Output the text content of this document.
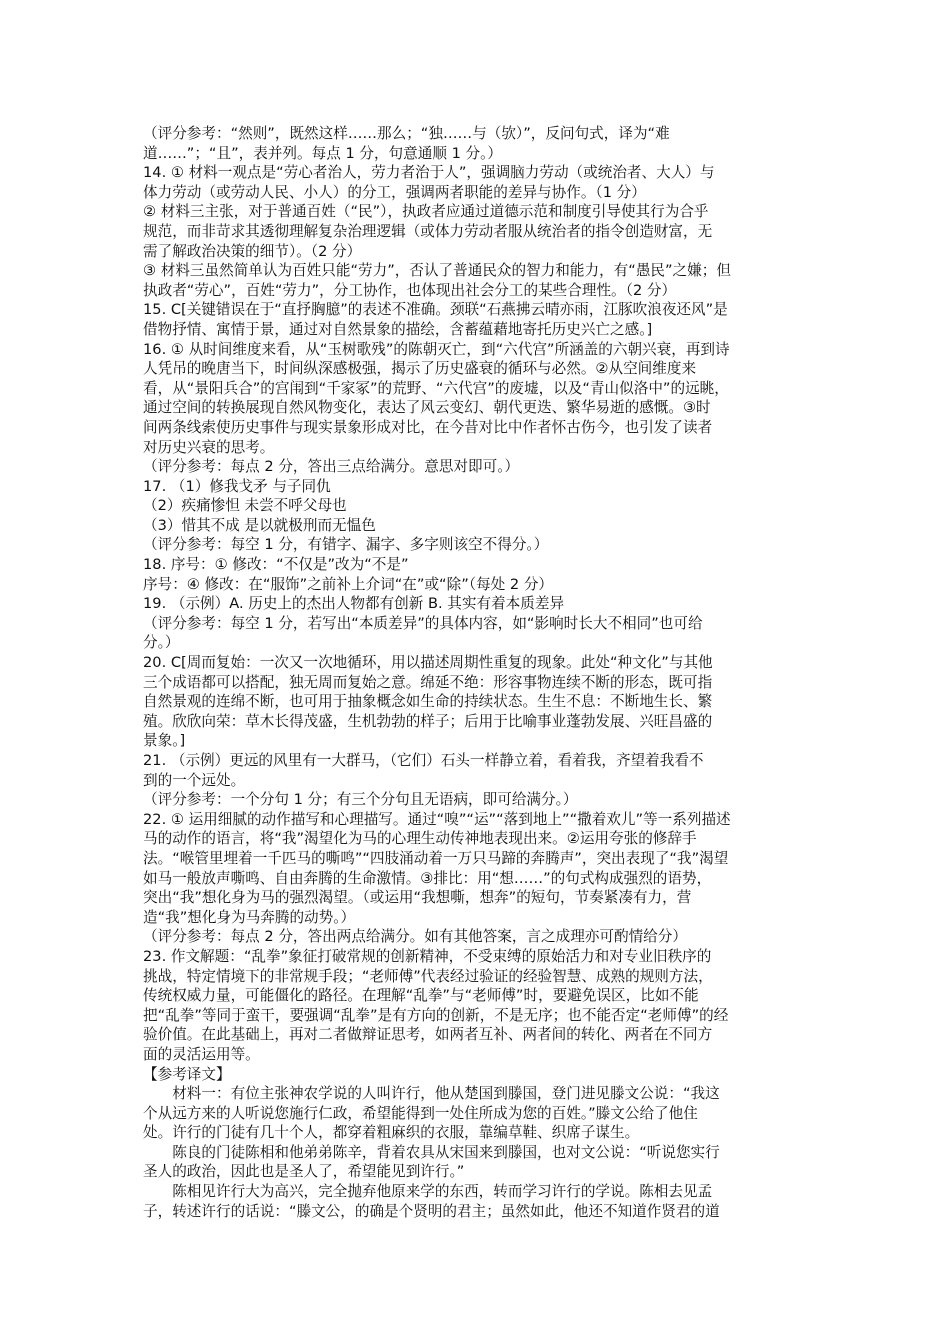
（评分参考：“然则”，既然这样……那么；“独……与（欤）”，反问句式，译为“难
道……”；“且”，表并列。每点 1 分，句意通顺 1 分。）
14. ① 材料一观点是“劳心者治人，劳力者治于人”，强调脑力劳动（或统治者、大人）与
体力劳动（或劳动人民、小人）的分工，强调两者职能的差异与协作。（1 分）
② 材料三主张，对于普通百姓（“民”），执政者应通过道德示范和制度引导使其行为合乎
规范，而非苛求其透彻理解复杂治理逻辑（或体力劳动者服从统治者的指令创造财富，无
需了解政治决策的细节）。（2 分）
③ 材料三虽然简单认为百姓只能“劳力”，否认了普通民众的智力和能力，有“愚民”之嫌；但
执政者“劳心”，百姓“劳力”，分工协作，也体现出社会分工的某些合理性。（2 分）
15. C[关键错误在于“直抒胸臆”的表述不准确。颈联“石燕拂云晴亦雨，江豚吹浪夜还风”是
借物抒情、寓情于景，通过对自然景象的描绘，含蓄蕴藉地寄托历史兴亡之感。]
16. ① 从时间维度来看，从“玉树歌残”的陈朝灭亡，到“六代宫”所涵盖的六朝兴衰，再到诗
人凭吊的晚唐当下，时间纵深感极强，揭示了历史盛衰的循环与必然。②从空间维度来
看，从“景阳兵合”的宫闱到“千家冢”的荒野、“六代宫”的废墟，以及“青山似洛中”的远眺，
通过空间的转换展现自然风物变化，表达了风云变幻、朝代更迭、繁华易逝的感慨。③时
间两条线索使历史事件与现实景象形成对比，在今昔对比中作者怀古伤今，也引发了读者
对历史兴衰的思考。
（评分参考：每点 2 分，答出三点给满分。意思对即可。）
17. （1）修我戈矛 与子同仇
（2）疾痛惨怛 未尝不呼父母也
（3）惜其不成 是以就极刑而无愠色
（评分参考：每空 1 分，有错字、漏字、多字则该空不得分。）
18. 序号：① 修改：“不仅是”改为“不是”
序号：④ 修改：在“服饰”之前补上介词“在”或“除”（每处 2 分）
19. （示例）A. 历史上的杰出人物都有创新 B. 其实有着本质差异
（评分参考：每空 1 分，若写出“本质差异”的具体内容，如“影响时长大不相同”也可给
分。）
20. C[周而复始：一次又一次地循环，用以描述周期性重复的现象。此处“种文化”与其他
三个成语都可以搭配，独无周而复始之意。绵延不绝：形容事物连续不断的形态，既可指
自然景观的连绵不断，也可用于抽象概念如生命的持续状态。生生不息：不断地生长、繁
殖。欣欣向荣：草木长得茂盛，生机勃勃的样子；后用于比喻事业蓬勃发展、兴旺昌盛的
景象。]
21. （示例）更远的风里有一大群马，（它们）石头一样静立着，看着我，齐望着我看不
到的一个远处。
（评分参考：一个分句 1 分；有三个分句且无语病，即可给满分。）
22. ① 运用细腻的动作描写和心理描写。通过“嗅”“运”“落到地上”“撒着欢儿”等一系列描述
马的动作的语言，将“我”渴望化为马的心理生动传神地表现出来。②运用夸张的修辞手
法。“喉管里埋着一千匹马的嘶鸣”“四肢涌动着一万只马蹄的奔腾声”，突出表现了“我”渴望
如马一般放声嘶鸣、自由奔腾的生命激情。③排比：用“想……”的句式构成强烈的语势，
突出“我”想化身为马的强烈渴望。（或运用“我想嘶，想奔”的短句，节奏紧凑有力，营
造“我”想化身为马奔腾的动势。）
（评分参考：每点 2 分，答出两点给满分。如有其他答案，言之成理亦可酌情给分）
23. 作文解题：“乱拳”象征打破常规的创新精神，不受束缚的原始活力和对专业旧秩序的
挑战，特定情境下的非常规手段；“老师傅”代表经过验证的经验智慧、成熟的规则方法，
传统权威力量，可能僵化的路径。在理解“乱拳”与“老师傅”时，要避免误区，比如不能
把“乱拳”等同于蛮干，要强调“乱拳”是有方向的创新，不是无序；也不能否定“老师傅”的经
验价值。在此基础上，再对二者做辩证思考，如两者互补、两者间的转化、两者在不同方
面的灵活运用等。
【参考译文】
材料一：有位主张神农学说的人叫许行，他从楚国到滕国，登门进见滕文公说：“我这
个从远方来的人听说您施行仁政，希望能得到一处住所成为您的百姓。”滕文公给了他住
处。许行的门徒有几十个人，都穿着粗麻织的衣服，靠编草鞋、织席子谋生。
陈良的门徒陈相和他弟弟陈辛，背着农具从宋国来到滕国，也对文公说：“听说您实行
圣人的政治，因此也是圣人了，希望能见到许行。”
陈相见许行大为高兴，完全抛弃他原来学的东西，转而学习许行的学说。陈相去见孟
子，转述许行的话说：“滕文公，的确是个贤明的君主；虽然如此，他还不知道作贤君的道
